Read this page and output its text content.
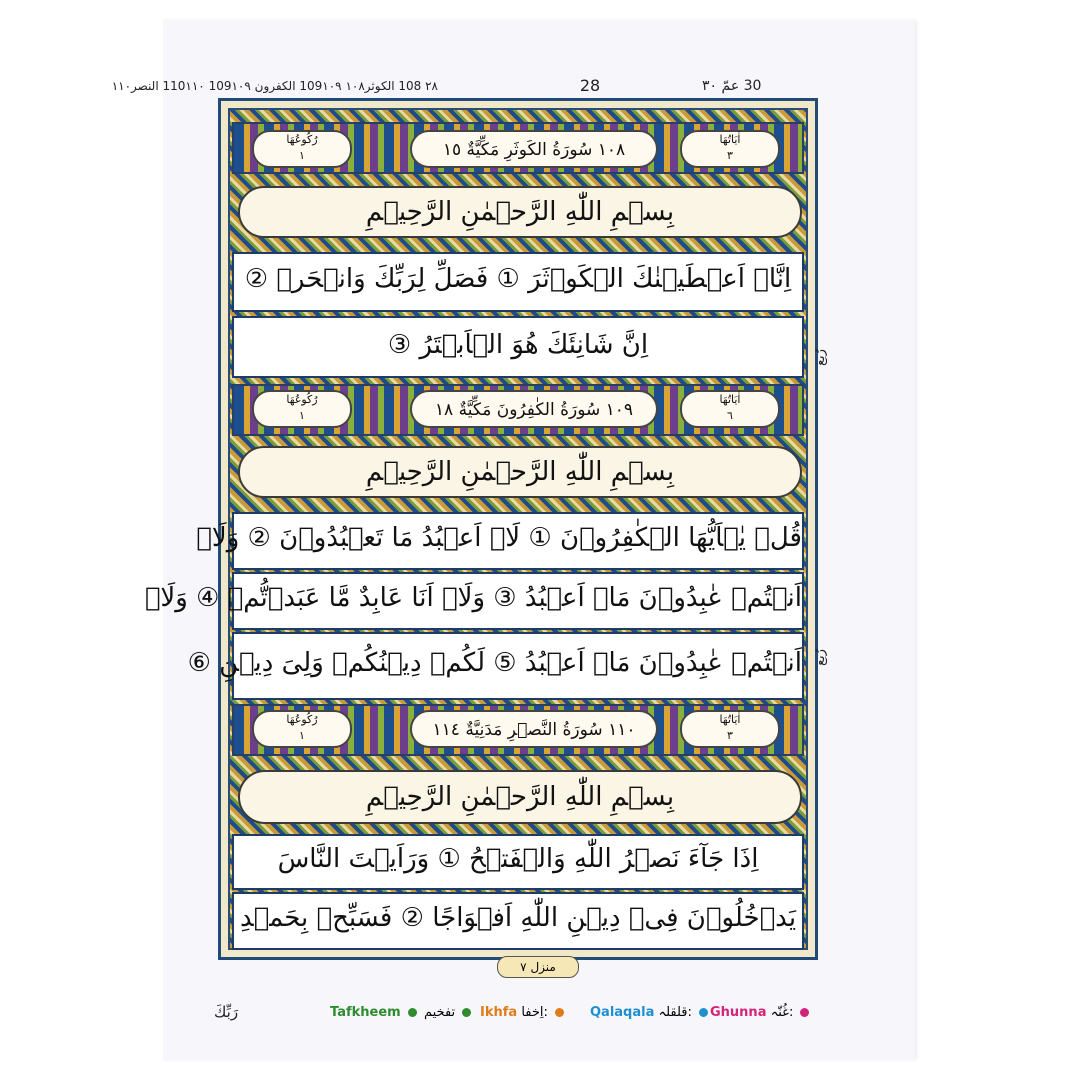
30 عمّ ٣٠
28
٢٨ 108 الكوثر١٠٨ 109١٠٩ الكفرون 109١٠٩ 110١١٠ النصر١١٠
اٰیَاتُهَا
٣
١٠٨ سُورَةُ الكَوثَرِ مَكِّيَّةٌ ١٥
رُكُوعُهَا
١
بِسۡمِ اللّٰهِ الرَّحۡمٰنِ الرَّحِیۡمِ
اِنَّاۤ اَعۡطَیۡنٰكَ الۡكَوۡثَرَ ① فَصَلِّ لِرَبِّكَ وَانۡحَرۡ ②
اِنَّ شَانِئَكَ هُوَ الۡاَبۡتَرُ ③
اٰیَاتُهَا
٦
١٠٩ سُورَةُ الكٰفِرُونَ مَكِّيَّةٌ ١٨
رُكُوعُهَا
١
بِسۡمِ اللّٰهِ الرَّحۡمٰنِ الرَّحِیۡمِ
قُلۡ یٰۤاَیُّهَا الۡكٰفِرُوۡنَ ① لَاۤ اَعۡبُدُ مَا تَعۡبُدُوۡنَ ② وَلَاۤ
اَنۡتُمۡ عٰبِدُوۡنَ مَاۤ اَعۡبُدُ ③ وَلَاۤ اَنَا عَابِدٌ مَّا عَبَدۡتُّمۡ ④ وَلَاۤ
اَنۡتُمۡ عٰبِدُوۡنَ مَاۤ اَعۡبُدُ ⑤ لَكُمۡ دِیۡنُكُمۡ وَلِیَ دِیۡنِ ⑥
اٰیَاتُهَا
٣
١١٠ سُورَةُ النَّصۡرِ مَدَنِيَّةٌ ١١٤
رُكُوعُهَا
١
بِسۡمِ اللّٰهِ الرَّحۡمٰنِ الرَّحِیۡمِ
اِذَا جَآءَ نَصۡرُ اللّٰهِ وَالۡفَتۡحُ ① وَرَاَیۡتَ النَّاسَ
یَدۡخُلُوۡنَ فِیۡ دِیۡنِ اللّٰهِ اَفۡوَاجًا ② فَسَبِّحۡ بِحَمۡدِ
منزل ٧
رُبع
رُبع
رَبِّكَ	Ghunna غُنّہ:
Qalaqala قلقلہ:
Ikhfa اِخفا:
Tafkheem تفخیم
